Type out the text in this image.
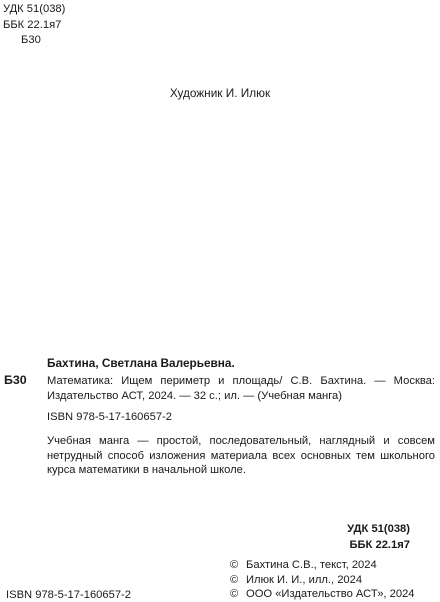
УДК 51(038)
ББК 22.1я7
Б30
Художник И. Илюк
Бахтина, Светлана Валерьевна.
Б30 Математика: Ищем периметр и площадь/ С.В. Бахтина. — Москва: Издательство АСТ, 2024. — 32 с.; ил. — (Учебная манга)
ISBN 978-5-17-160657-2
Учебная манга — простой, последовательный, наглядный и совсем нетрудный способ изложения материала всех основных тем школьного курса математики в начальной школе.
УДК 51(038)
ББК 22.1я7
© Бахтина С.В., текст, 2024
© Илюк И. И., илл., 2024
© ООО «Издательство АСТ», 2024
ISBN 978-5-17-160657-2
